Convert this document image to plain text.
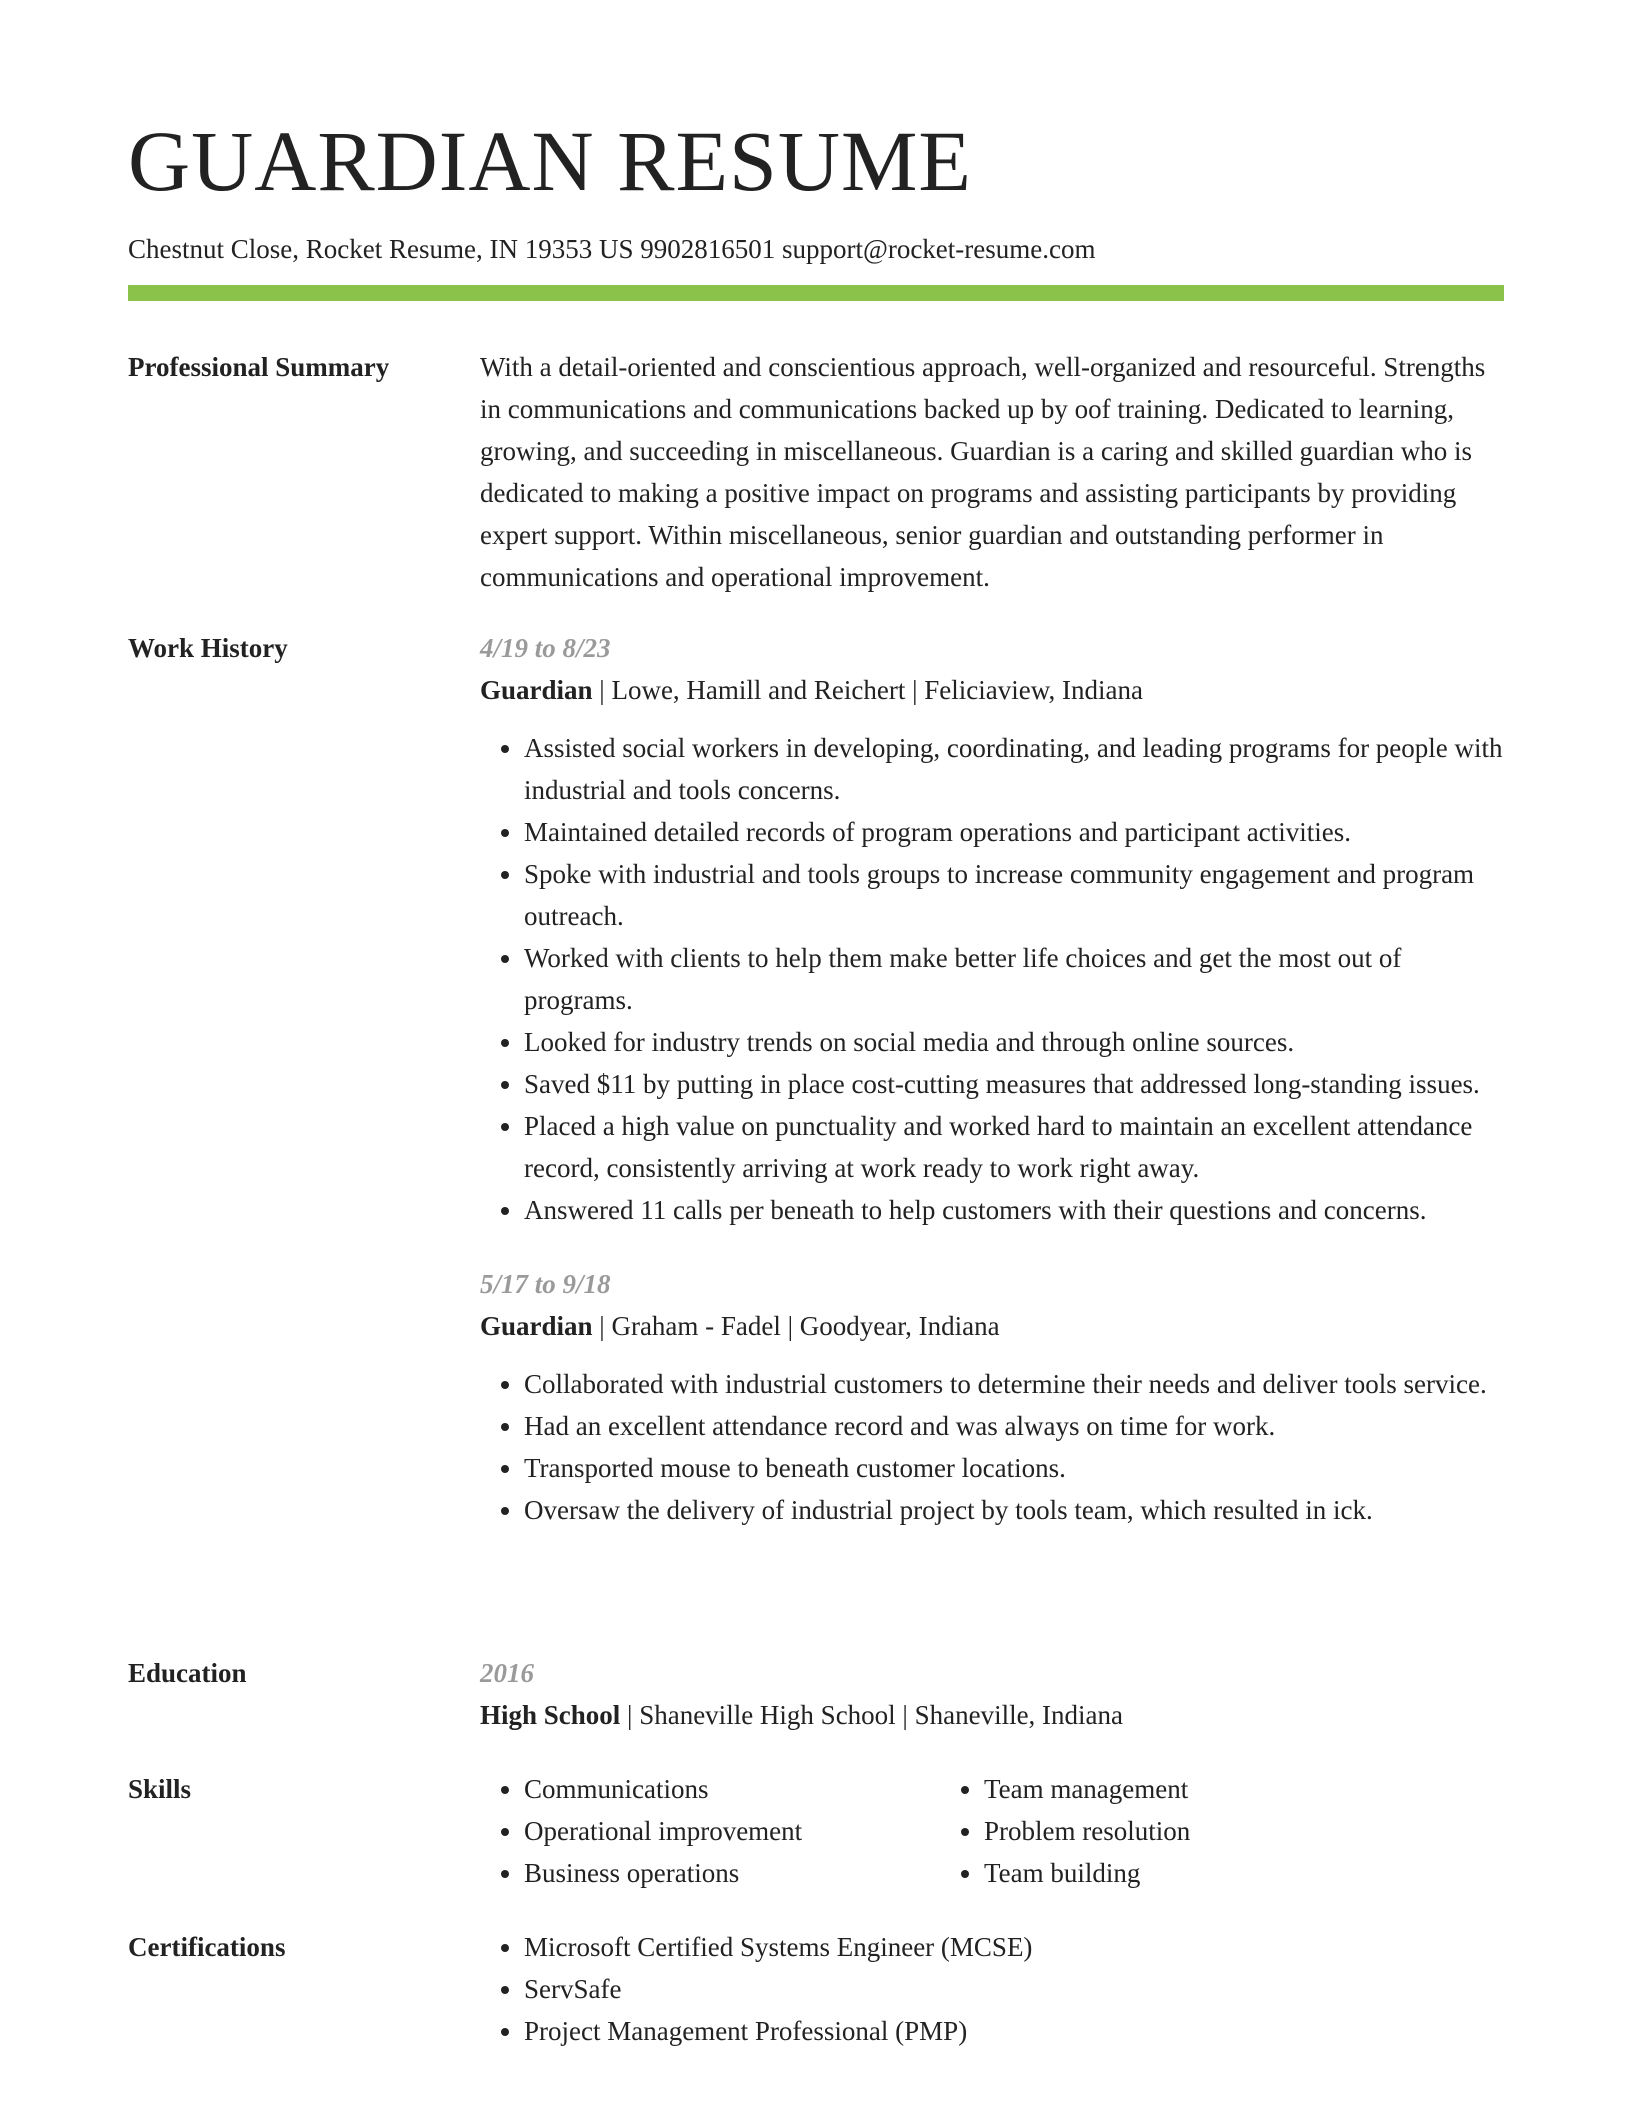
GUARDIAN RESUME
Chestnut Close, Rocket Resume, IN 19353 US 9902816501 support@rocket-resume.com
Professional Summary	With a detail-oriented and conscientious approach, well-organized and resourceful. Strengths in communications and communications backed up by oof training. Dedicated to learning, growing, and succeeding in miscellaneous. Guardian is a caring and skilled guardian who is dedicated to making a positive impact on programs and assisting participants by providing expert support. Within miscellaneous, senior guardian and outstanding performer in communications and operational improvement.

Work History	4/19 to 8/23
Guardian | Lowe, Hamill and Reichert | Feliciaview, Indiana
• Assisted social workers in developing, coordinating, and leading programs for people with industrial and tools concerns.
• Maintained detailed records of program operations and participant activities.
• Spoke with industrial and tools groups to increase community engagement and program outreach.
• Worked with clients to help them make better life choices and get the most out of programs.
• Looked for industry trends on social media and through online sources.
• Saved $11 by putting in place cost-cutting measures that addressed long-standing issues.
• Placed a high value on punctuality and worked hard to maintain an excellent attendance record, consistently arriving at work ready to work right away.
• Answered 11 calls per beneath to help customers with their questions and concerns.
5/17 to 9/18
Guardian | Graham - Fadel | Goodyear, Indiana
• Collaborated with industrial customers to determine their needs and deliver tools service.
• Had an excellent attendance record and was always on time for work.
• Transported mouse to beneath customer locations.
• Oversaw the delivery of industrial project by tools team, which resulted in ick.
Education	2016
High School | Shaneville High School | Shaneville, Indiana
Skills	• Communications
• Operational improvement
• Business operations
• Team management
• Problem resolution
• Team building
Certifications	• Microsoft Certified Systems Engineer (MCSE)
• ServSafe
• Project Management Professional (PMP)
